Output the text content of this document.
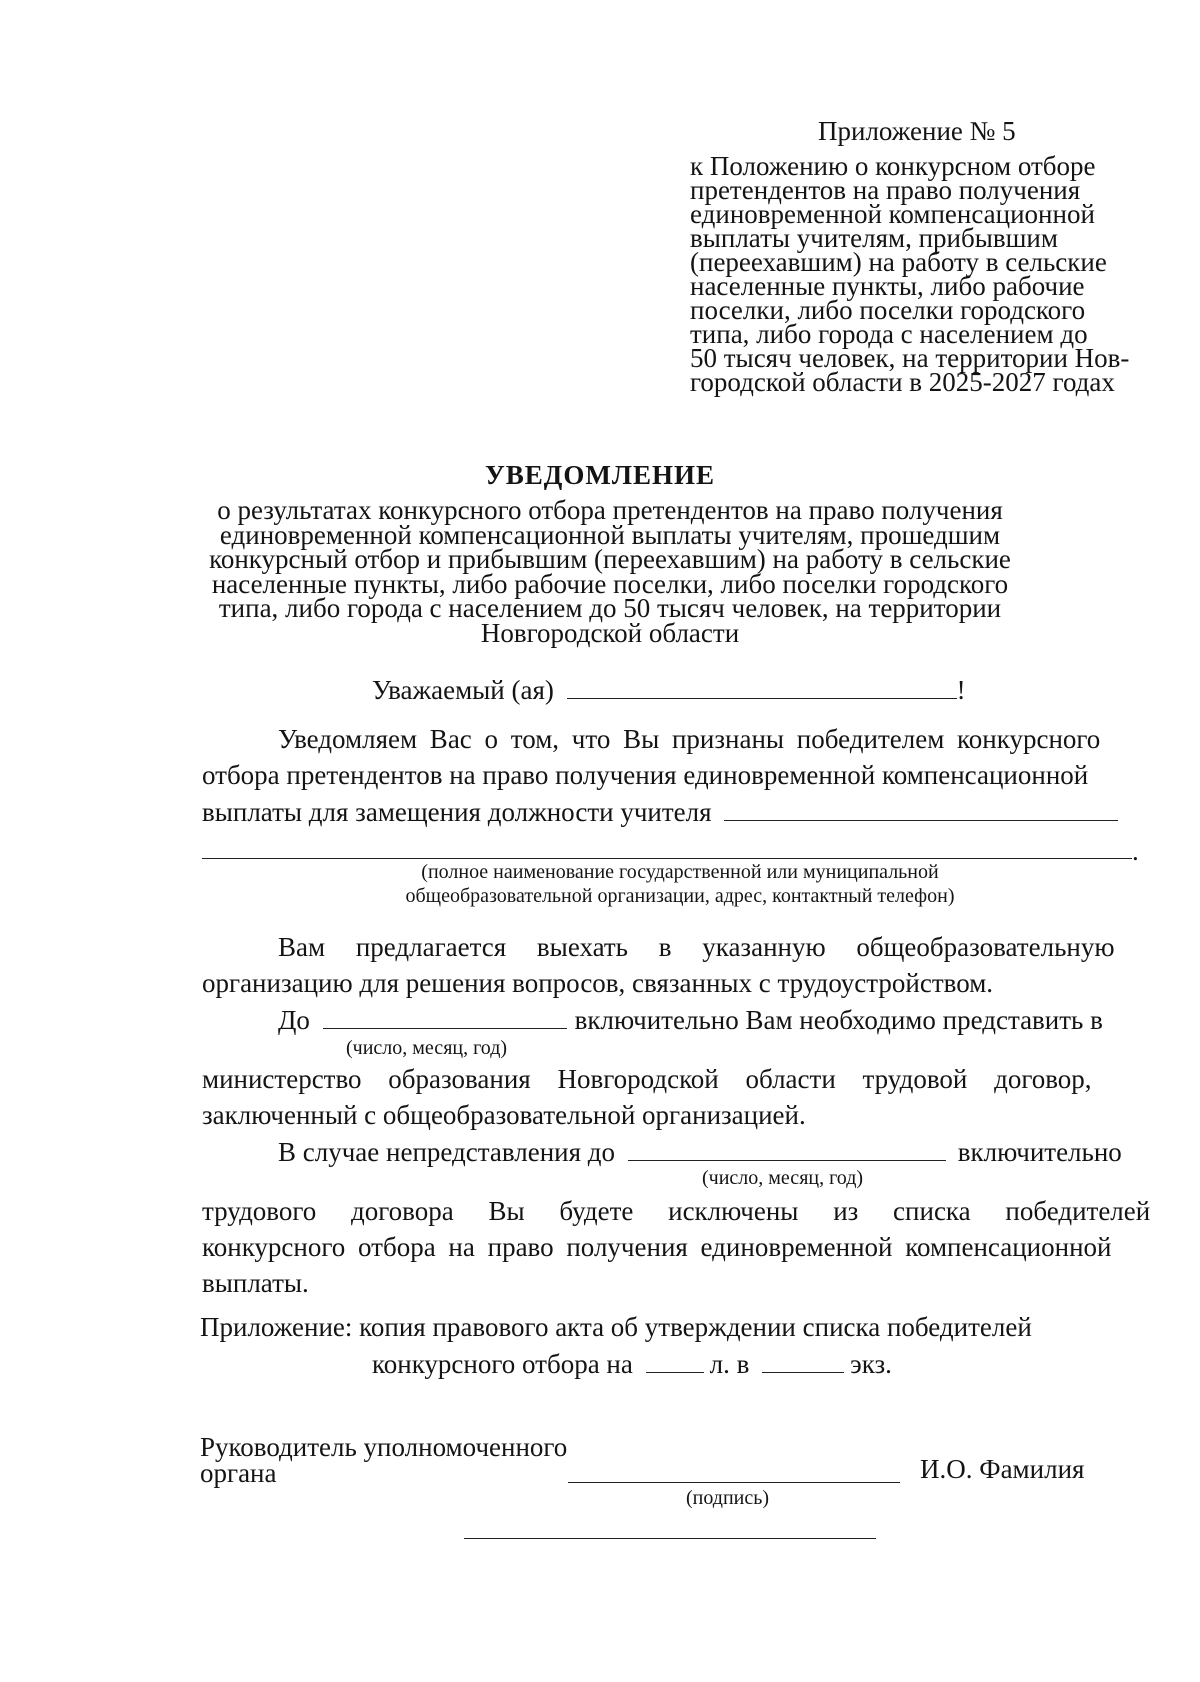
Приложение № 5
к Положению о конкурсном отборе
претендентов на право получения
единовременной компенсационной
выплаты учителям, прибывшим
(переехавшим) на работу в сельские
населенные пункты, либо рабочие
поселки, либо поселки городского
типа, либо города с населением до
50 тысяч человек, на территории Нов-
городской области в 2025-2027 годах
УВЕДОМЛЕНИЕ
о результатах конкурсного отбора претендентов на право получения
единовременной компенсационной выплаты учителям, прошедшим
конкурсный отбор и прибывшим (переехавшим) на работу в сельские
населенные пункты, либо рабочие поселки, либо поселки городского
типа, либо города с населением до 50 тысяч человек, на территории
Новгородской области
Уважаемый (ая)	!
Уведомляем Вас о том, что Вы признаны победителем конкурсного
отбора претендентов на право получения единовременной компенсационной
выплаты для замещения должности учителя
.
(полное наименование государственной или муниципальной
общеобразовательной организации, адрес, контактный телефон)
Вам предлагается выехать в указанную общеобразовательную
организацию для решения вопросов, связанных с трудоустройством.
До	включительно Вам необходимо представить в
(число, месяц, год)
министерство образования Новгородской области трудовой договор,
заключенный с общеобразовательной организацией.
В случае непредставления до	включительно
(число, месяц, год)
трудового договора Вы будете исключены из списка победителей
конкурсного отбора на право получения единовременной компенсационной
выплаты.
Приложение: копия правового акта об утверждении списка победителей
конкурсного отбора на	л. в	экз.
Руководитель уполномоченного
органа
(подпись)
И.О. Фамилия
